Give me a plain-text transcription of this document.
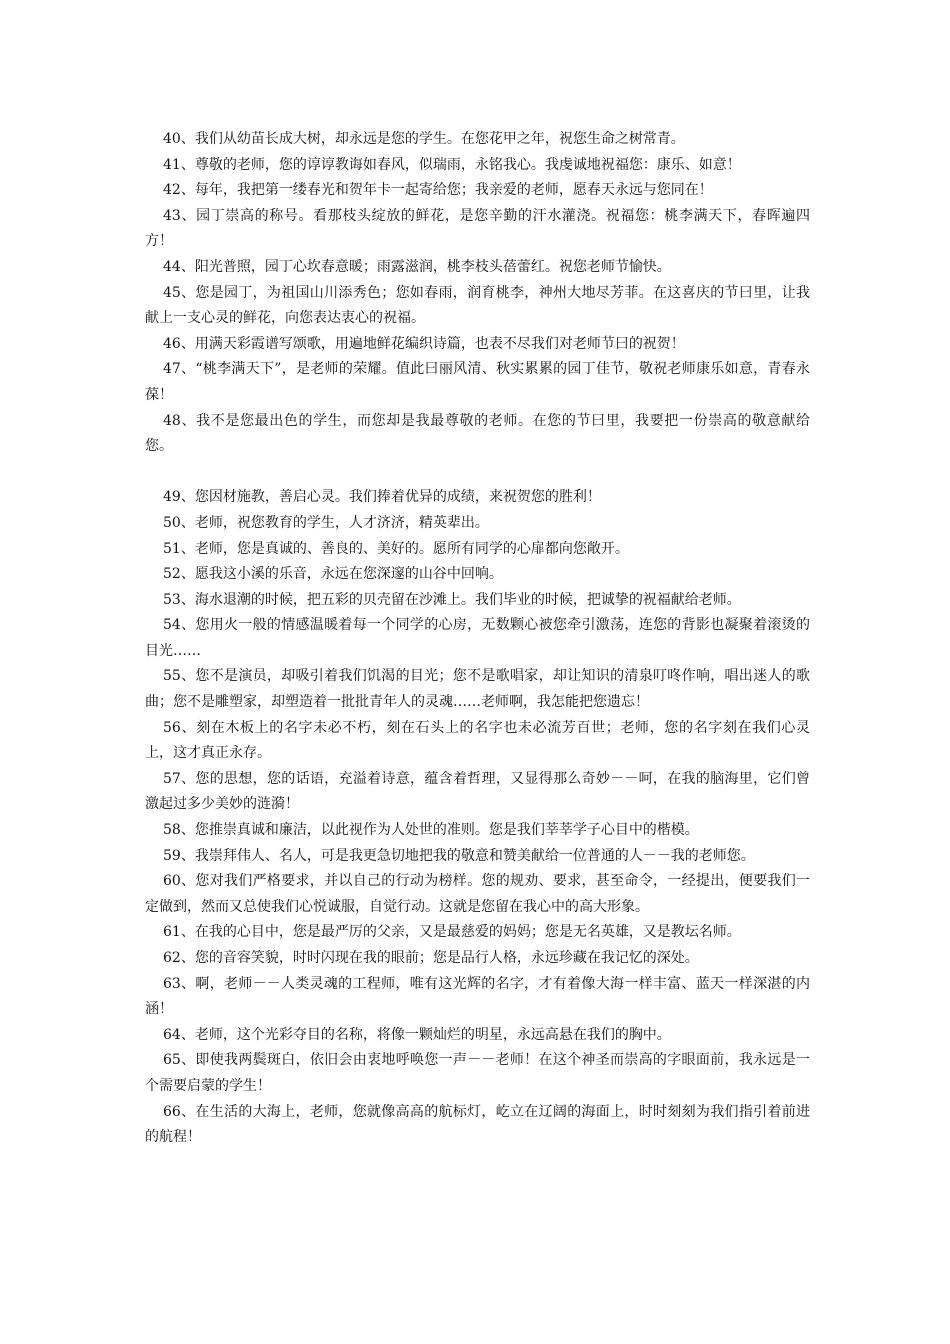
40、我们从幼苗长成大树，却永远是您的学生。在您花甲之年，祝您生命之树常青。

41、尊敬的老师，您的谆谆教诲如春风，似瑞雨，永铭我心。我虔诚地祝福您：康乐、如意！

42、每年，我把第一缕春光和贺年卡一起寄给您；我亲爱的老师，愿春天永远与您同在！

43、园丁崇高的称号。看那枝头绽放的鲜花，是您辛勤的汗水灌浇。祝福您：桃李满天下，春晖遍四方！

44、阳光普照，园丁心坎春意暖；雨露滋润，桃李枝头蓓蕾红。祝您老师节愉快。

45、您是园丁，为祖国山川添秀色；您如春雨，润育桃李，神州大地尽芳菲。在这喜庆的节曰里，让我献上一支心灵的鲜花，向您表达衷心的祝福。

46、用满天彩霞谱写颂歌，用遍地鲜花编织诗篇，也表不尽我们对老师节曰的祝贺！

47、“桃李满天下”，是老师的荣耀。值此曰丽风清、秋实累累的园丁佳节，敬祝老师康乐如意，青春永葆！

48、我不是您最出色的学生，而您却是我最尊敬的老师。在您的节曰里，我要把一份崇高的敬意献给您。

49、您因材施教，善启心灵。我们捧着优异的成绩，来祝贺您的胜利！

50、老师，祝您教育的学生，人才济济，精英辈出。

51、老师，您是真诚的、善良的、美好的。愿所有同学的心扉都向您敞开。

52、愿我这小溪的乐音，永远在您深邃的山谷中回响。

53、海水退潮的时候，把五彩的贝壳留在沙滩上。我们毕业的时候，把诚挚的祝福献给老师。

54、您用火一般的情感温暖着每一个同学的心房，无数颗心被您牵引激荡，连您的背影也凝聚着滚烫的目光……

55、您不是演员，却吸引着我们饥渴的目光；您不是歌唱家，却让知识的清泉叮咚作响，唱出迷人的歌曲；您不是雕塑家，却塑造着一批批青年人的灵魂……老师啊，我怎能把您遗忘！

56、刻在木板上的名字未必不朽，刻在石头上的名字也未必流芳百世；老师，您的名字刻在我们心灵上，这才真正永存。

57、您的思想，您的话语，充溢着诗意，蕴含着哲理，又显得那么奇妙－－呵，在我的脑海里，它们曾激起过多少美妙的涟漪！

58、您推崇真诚和廉洁，以此视作为人处世的准则。您是我们莘莘学子心目中的楷模。

59、我崇拜伟人、名人，可是我更急切地把我的敬意和赞美献给一位普通的人－－我的老师您。

60、您对我们严格要求，并以自己的行动为榜样。您的规劝、要求，甚至命令，一经提出，便要我们一定做到，然而又总使我们心悦诚服，自觉行动。这就是您留在我心中的高大形象。

61、在我的心目中，您是最严厉的父亲，又是最慈爱的妈妈；您是无名英雄，又是教坛名师。

62、您的音容笑貌，时时闪现在我的眼前；您是品行人格，永远珍藏在我记忆的深处。

63、啊，老师－－人类灵魂的工程师，唯有这光辉的名字，才有着像大海一样丰富、蓝天一样深湛的内涵！

64、老师，这个光彩夺目的名称，将像一颗灿烂的明星，永远高悬在我们的胸中。

65、即使我两鬓斑白，依旧会由衷地呼唤您一声－－老师！在这个神圣而崇高的字眼面前，我永远是一个需要启蒙的学生！

66、在生活的大海上，老师，您就像高高的航标灯，屹立在辽阔的海面上，时时刻刻为我们指引着前进的航程！
